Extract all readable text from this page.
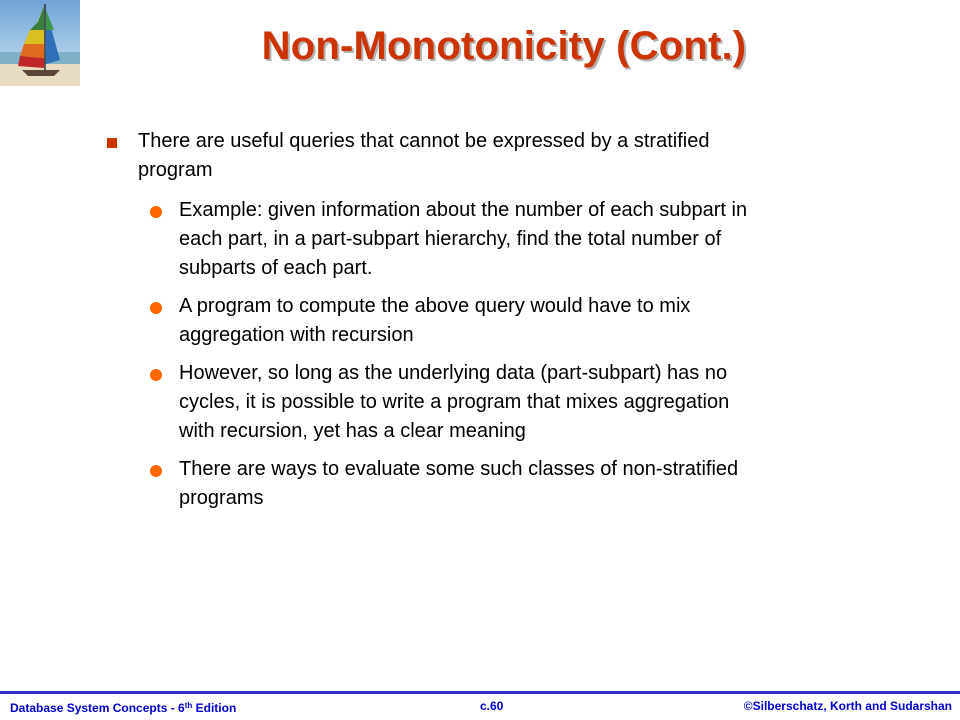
Non-Monotonicity (Cont.)
There are useful queries that cannot be expressed by a stratified
program
Example: given information about the number of each subpart in
each part, in a part-subpart hierarchy, find the total number of
subparts of each part.
A program to compute the above query would have to mix
aggregation with recursion
However, so long as the underlying data (part-subpart) has no
cycles, it is possible to write a program that mixes aggregation
with recursion, yet has a clear meaning
There are ways to evaluate some such classes of non-stratified
programs
Database System Concepts - 6th Edition	c.60	©Silberschatz, Korth and Sudarshan
